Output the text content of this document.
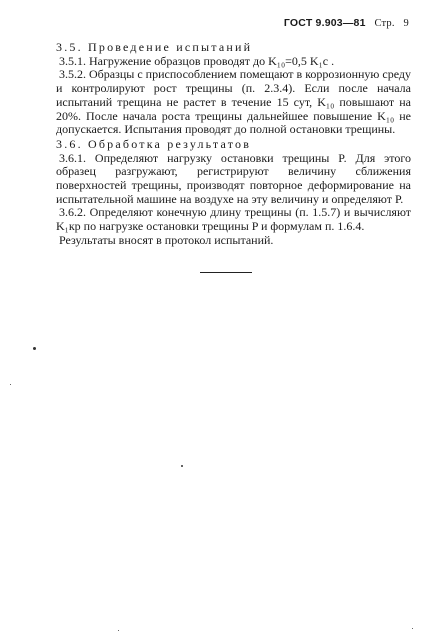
ГОСТ 9.903—81 Стр. 9

3.5. Проведение испытаний

3.5.1. Нагружение образцов проводят до K₁₀=0,5 K₁c .

3.5.2. Образцы с приспособлением помещают в коррозионную среду и контролируют рост трещины (п. 2.3.4). Если после начала испытаний трещина не растет в течение 15 сут, K₁₀ повышают на 20%. После начала роста трещины дальнейшее повышение K₁₀ не допускается. Испытания проводят до полной остановки трещины.

3.6. Обработка результатов

3.6.1. Определяют нагрузку остановки трещины P. Для этого образец разгружают, регистрируют величину сближения поверхностей трещины, производят повторное деформирование на испытательной машине на воздухе на эту величину и определяют P.

3.6.2. Определяют конечную длину трещины (п. 1.5.7) и вычисляют K₁кр по нагрузке остановки трещины P и формулам п. 1.6.4.

Результаты вносят в протокол испытаний.
